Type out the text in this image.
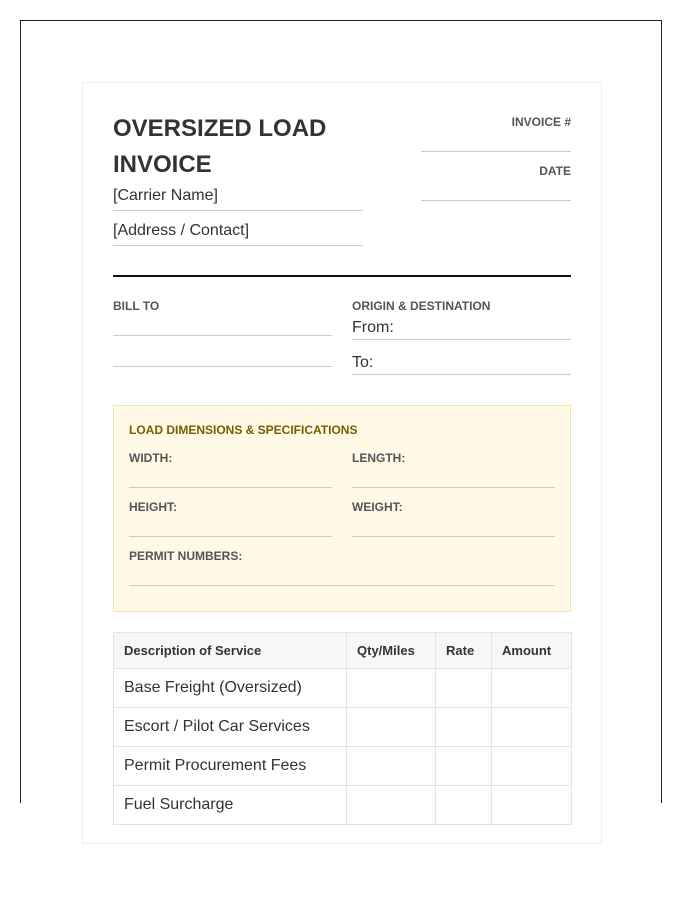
OVERSIZED LOAD INVOICE
[Carrier Name]
[Address / Contact]
INVOICE #
DATE
BILL TO	ORIGIN & DESTINATION
From:
To:
LOAD DIMENSIONS & SPECIFICATIONS
WIDTH:	LENGTH:
HEIGHT:	WEIGHT:
PERMIT NUMBERS:
Description of Service	Qty/Miles	Rate	Amount
Base Freight (Oversized)			
Escort / Pilot Car Services			
Permit Procurement Fees			
Fuel Surcharge			
